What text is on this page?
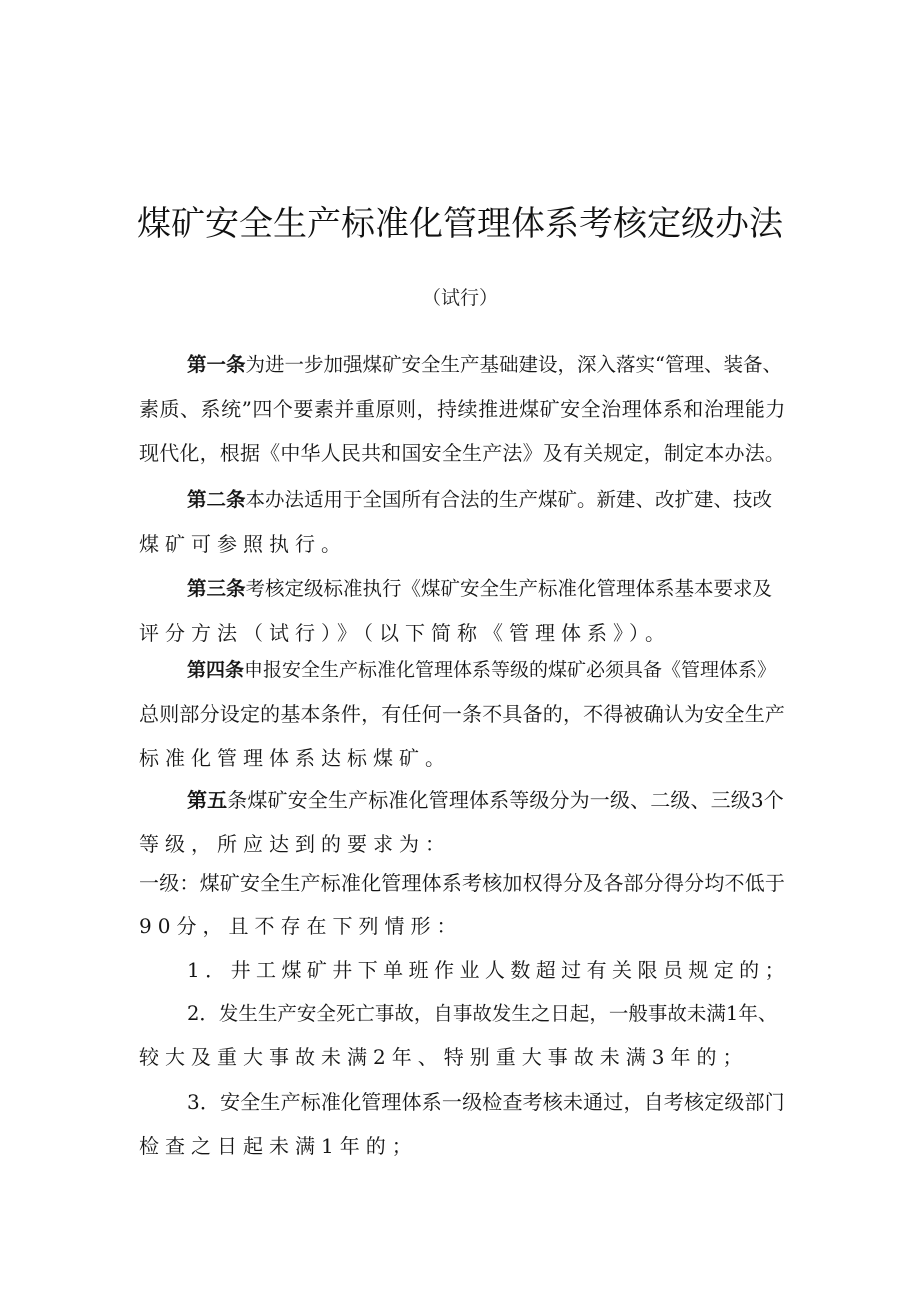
煤矿安全生产标准化管理体系考核定级办法
（试行）
第一条为进一步加强煤矿安全生产基础建设，深入落实“管理、装备、
素质、系统”四个要素并重原则，持续推进煤矿安全治理体系和治理能力
现代化，根据《中华人民共和国安全生产法》及有关规定，制定本办法。
第二条本办法适用于全国所有合法的生产煤矿。新建、改扩建、技改
煤矿可参照执行。
第三条考核定级标准执行《煤矿安全生产标准化管理体系基本要求及
评分方法（试行）》（以下简称《管理体系》）。
第四条申报安全生产标准化管理体系等级的煤矿必须具备《管理体系》
总则部分设定的基本条件，有任何一条不具备的，不得被确认为安全生产
标准化管理体系达标煤矿。
第五条煤矿安全生产标准化管理体系等级分为一级、二级、三级3个
等级，所应达到的要求为：
一级：煤矿安全生产标准化管理体系考核加权得分及各部分得分均不低于
90分，且不存在下列情形：
1．井工煤矿井下单班作业人数超过有关限员规定的；
2．发生生产安全死亡事故，自事故发生之日起，一般事故未满1年、
较大及重大事故未满2年、特别重大事故未满3年的；
3．安全生产标准化管理体系一级检查考核未通过，自考核定级部门
检查之日起未满1年的；
